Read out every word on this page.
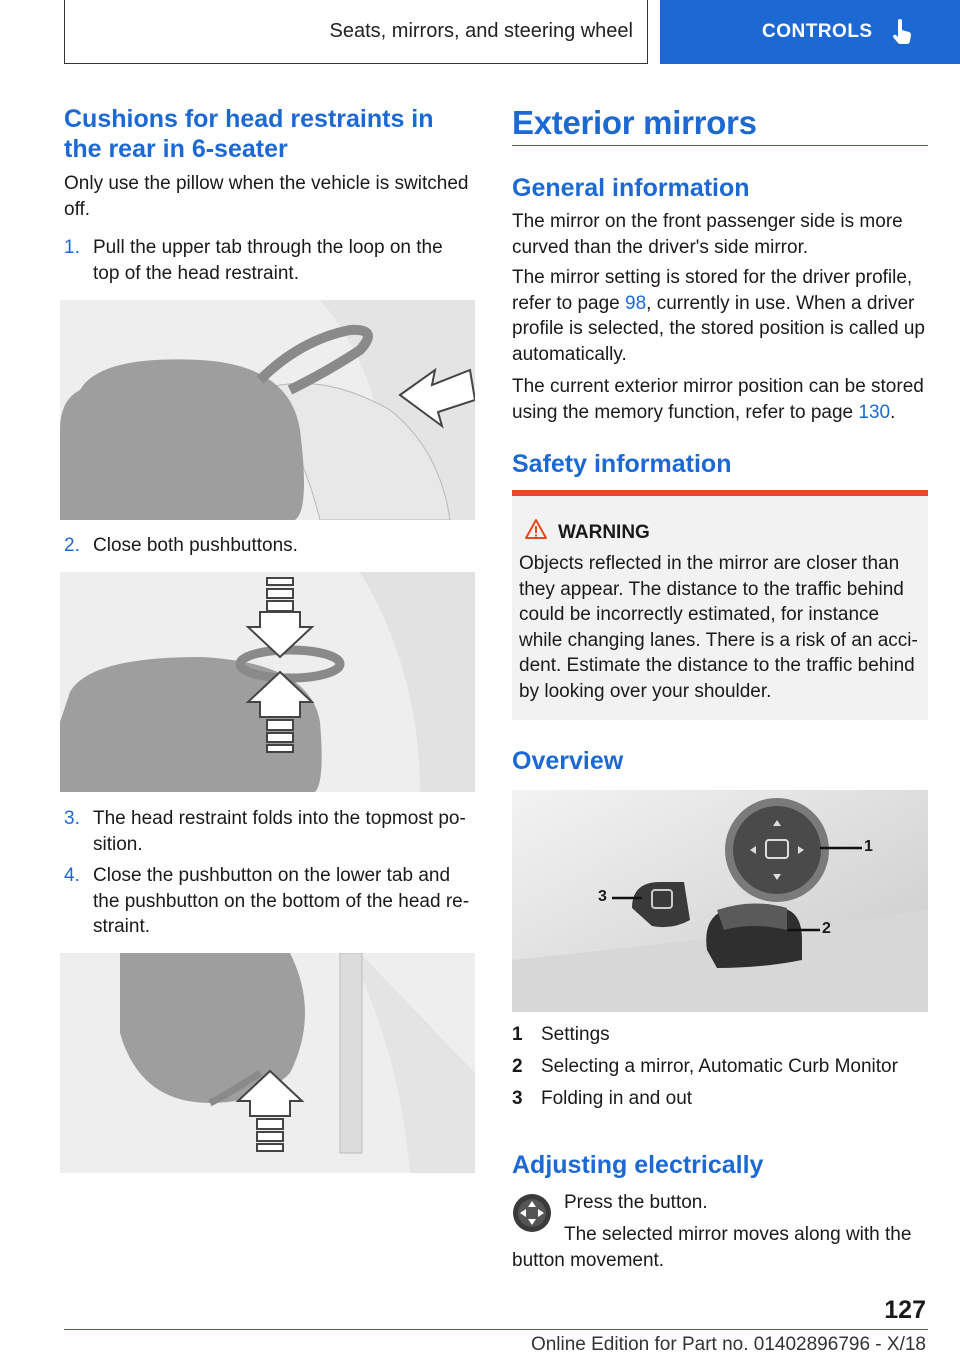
Seats, mirrors, and steering wheel	CONTROLS
Cushions for head restraints in
the rear in 6-seater

Only use the pillow when the vehicle is switched
off.

1. Pull the upper tab through the loop on the
top of the head restraint.
2. Close both pushbuttons.
3. The head restraint folds into the topmost po-
sition.
4. Close the pushbutton on the lower tab and
the pushbutton on the bottom of the head re-
straint.
Exterior mirrors
General information

The mirror on the front passenger side is more
curved than the driver's side mirror.

The mirror setting is stored for the driver profile,
refer to page 98, currently in use. When a driver
profile is selected, the stored position is called up
automatically.

The current exterior mirror position can be stored
using the memory function, refer to page 130.

Safety information
WARNING
Objects reflected in the mirror are closer than
they appear. The distance to the traffic behind
could be incorrectly estimated, for instance
while changing lanes. There is a risk of an acci-
dent. Estimate the distance to the traffic behind
by looking over your shoulder.
Overview
1
2
3
1 Settings
2 Selecting a mirror, Automatic Curb Monitor
3 Folding in and out
Adjusting electrically

Press the button.

The selected mirror moves along with the
button movement.

127
Online Edition for Part no. 01402896796 - X/18
